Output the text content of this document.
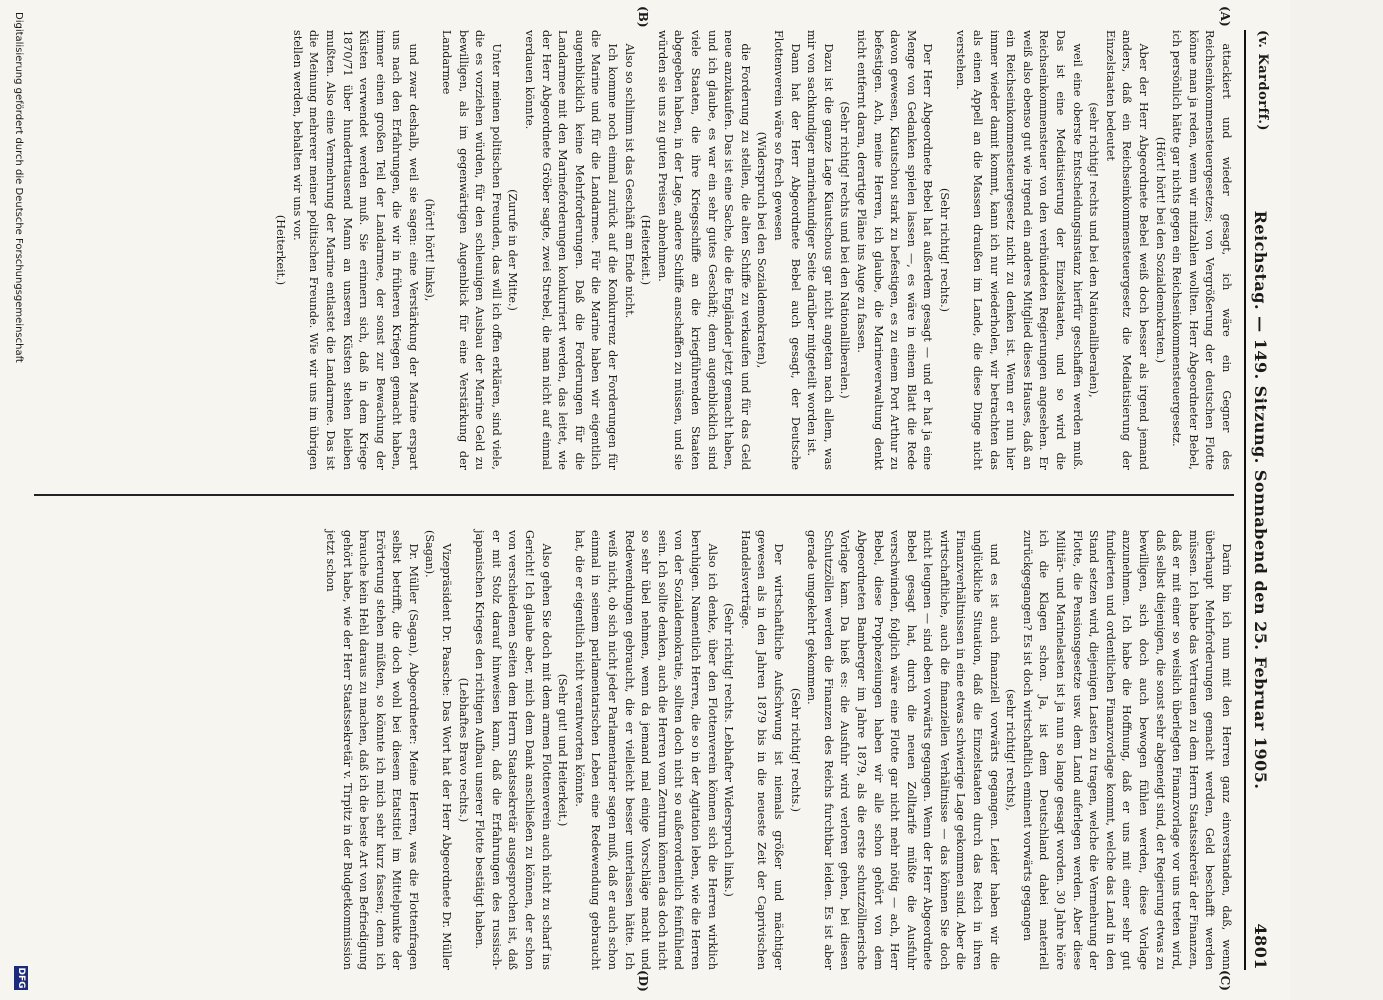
(v. Kardorff.)
Reichstag. — 149. Sitzung. Sonnabend den 25. Februar 1905.
4801
(A)
(B)
(C)
(D)

attackiert und wieder gesagt, ich wäre ein Gegner des Reichseinkommensteuergesetzes; von Vergrößerung der deutschen Flotte könne man ja reden, wenn wir mitzahlen wollten. Herr Abgeordneter Bebel, ich persönlich hätte gar nichts gegen ein Reichseinkommensteuergesetz.

(Hört! hört! bei den Sozialdemokraten.)

Aber der Herr Abgeordnete Bebel weiß doch besser als irgend jemand anders, daß ein Reichseinkommensteuergesetz die Mediatisierung der Einzelstaaten bedeutet

(sehr richtig! rechts und bei den Nationalliberalen),

weil eine oberste Entscheidungsinstanz hierfür geschaffen werden muß. Das ist eine Mediatisierung der Einzelstaaten, und so wird die Reichseinkommensteuer von den verbündeten Regierungen angesehen. Er weiß also ebenso gut wie irgend ein anderes Mitglied dieses Hauses, daß an ein Reichseinkommensteuergesetz nicht zu denken ist. Wenn er nun hier immer wieder damit kommt, kann ich nur wiederholen, wir betrachten das als einen Appell an die Massen draußen im Lande, die diese Dinge nicht verstehen.

(Sehr richtig! rechts.)

Der Herr Abgeordnete Bebel hat außerdem gesagt — und er hat ja eine Menge von Gedanken spielen lassen —, es wäre in einem Blatt die Rede davon gewesen, Kiautschou stark zu befestigen, es zu einem Port Arthur zu befestigen. Ach, meine Herren, ich glaube, die Marineverwaltung denkt nicht entfernt daran, derartige Pläne ins Auge zu fassen.

(Sehr richtig! rechts und bei den Nationalliberalen.)

Dazu ist die ganze Lage Kiautschous gar nicht angetan nach allem, was mir von sachkundiger marinekundiger Seite darüber mitgeteilt worden ist.

Dann hat der Herr Abgeordnete Bebel auch gesagt, der Deutsche Flottenverein wäre so frech gewesen

(Widerspruch bei den Sozialdemokraten),

die Forderung zu stellen, die alten Schiffe zu verkaufen und für das Geld neue anzukaufen. Das ist eine Sache, die die Engländer jetzt gemacht haben, und ich glaube, es war ein sehr gutes Geschäft; denn augenblicklich sind viele Staaten, die ihre Kriegsschiffe an die kriegführenden Staaten abgegeben haben, in der Lage, andere Schiffe anschaffen zu müssen, und sie würden sie uns zu guten Preisen abnehmen.

(Heiterkeit.)

Also so schlimm ist das Geschäft am Ende nicht.

Ich komme noch einmal zurück auf die Konkurrenz der Forderungen für die Marine und für die Landarmee. Für die Marine haben wir eigentlich augenblicklich keine Mehrforderungen. Daß die Forderungen für die Landarmee mit den Marineforderungen konkurriert werden, das leitet, wie der Herr Abgeordnete Gröber sagte, zwei Strebel, die man nicht auf einmal verdauen könnte.

(Zurufe in der Mitte.)

Unter meinen politischen Freunden, das will ich offen erklären, sind viele, die es vorziehen würden, für den schleunigen Ausbau der Marine Geld zu bewilligen, als im gegenwärtigen Augenblick für eine Verstärkung der Landarmee

(hört! hört! links),

und zwar deshalb, weil sie sagen: eine Verstärkung der Marine erspart uns nach den Erfahrungen, die wir in früheren Kriegen gemacht haben, immer einen großen Teil der Landarmee, der sonst zur Bewachung der Küsten verwendet werden muß. Sie erinnern sich, daß in dem Kriege 1870/71 über hunderttausend Mann an unseren Küsten stehen bleiben mußten. Also eine Vermehrung der Marine entlastet die Landarmee. Das ist die Meinung mehrerer meiner politischen Freunde. Wie wir uns im übrigen stellen werden, behalten wir uns vor.

(Heiterkeit.)

Darin bin ich nun mit den Herren ganz einverstanden, daß, wenn überhaupt Mehrforderungen gemacht werden, Geld beschafft werden müssen. Ich habe das Vertrauen zu dem Herrn Staatssekretär der Finanzen, daß er mit einer so weislich überlegten Finanzvorlage vor uns treten wird, daß selbst diejenigen, die sonst sehr abgeneigt sind, der Regierung etwas zu bewilligen, sich doch auch bewogen fühlen werden, diese Vorlage anzunehmen. Ich habe die Hoffnung, daß er uns mit einer sehr gut fundierten und ordentlichen Finanzvorlage kommt, welche das Land in den Stand setzen wird, diejenigen Lasten zu tragen, welche die Vermehrung der Flotte, die Pensionsgesetze usw. dem Land auferlegen werden. Aber diese Militär- und Marinelasten ist ja nun so lange gesagt worden. 30 Jahre höre ich die Klagen schon. Ja, ist dem Deutschland dabei materiell zurückgegangen? Es ist doch wirtschaftlich eminent vorwärts gegangen

(sehr richtig! rechts),

und es ist auch finanziell vorwärts gegangen. Leider haben wir die unglückliche Situation, daß die Einzelstaaten durch das Reich in ihren Finanzverhältnissen in eine etwas schwierige Lage gekommen sind. Aber die wirtschaftliche, auch die finanziellen Verhältnisse — das können Sie doch nicht leugnen — sind eben vorwärts gegangen. Wenn der Herr Abgeordnete Bebel gesagt hat, durch die neuen Zolltarife müßte die Ausfuhr verschwinden, folglich wäre eine Flotte gar nicht mehr nötig — ach, Herr Bebel, diese Prophezeiungen haben wir alle schon gehört von dem Abgeordneten Bamberger im Jahre 1879, als die erste schutzzöllnerische Vorlage kam. Da hieß es: die Ausfuhr wird verloren gehen, bei diesen Schutzzöllen werden die Finanzen des Reichs furchtbar leiden. Es ist aber gerade umgekehrt gekommen.

(Sehr richtig! rechts.)

Der wirtschaftliche Aufschwung ist niemals größer und mächtiger gewesen als in den Jahren 1879 bis in die neueste Zeit der Caprivischen Handelsverträge.

(Sehr richtig! rechts. Lebhafter Widerspruch links.)

Also ich denke, über den Flottenverein können sich die Herren wirklich beruhigen. Namentlich Herren, die so in der Agitation leben, wie die Herren von der Sozialdemokratie, sollten doch nicht so außerordentlich feinfühlend sein. Ich sollte denken, auch die Herren vom Zentrum können das doch nicht so sehr übel nehmen, wenn da jemand mal einige Vorschläge macht und Redewendungen gebraucht, die er vielleicht besser unterlassen hätte. Ich weiß nicht, ob sich nicht jeder Parlamentarier sagen muß, daß er auch schon einmal in seinem parlamentarischen Leben eine Redewendung gebraucht hat, die er eigentlich nicht verantworten könnte.

(Sehr gut! und Heiterkeit.)

Also gehen Sie doch mit dem armen Flottenverein auch nicht zu scharf ins Gericht! Ich glaube aber, mich dem Dank anschließen zu können, der schon von verschiedenen Seiten dem Herrn Staatssekretär ausgesprochen ist, daß er mit Stolz darauf hinweisen kann, daß die Erfahrungen des russisch-japanischen Krieges den richtigen Aufbau unserer Flotte bestätigt haben.

(Lebhaftes Bravo rechts.)

Vizepräsident Dr. Paasche: Das Wort hat der Herr Abgeordnete Dr. Müller (Sagan).

Dr. Müller (Sagan), Abgeordneter: Meine Herren, was die Flottenfragen selbst betrifft, die doch wohl bei diesem Etatstitel im Mittelpunkte der Erörterung stehen müßten, so könnte ich mich sehr kurz fassen; denn ich brauche kein Hehl daraus zu machen, daß ich die beste Art von Befriedigung gehört habe, wie der Herr Staatssekretär v. Tirpitz in der Budgetkommission jetzt schon

Digitalisierung gefördert durch die Deutsche Forschungsgemeinschaft
DFG
